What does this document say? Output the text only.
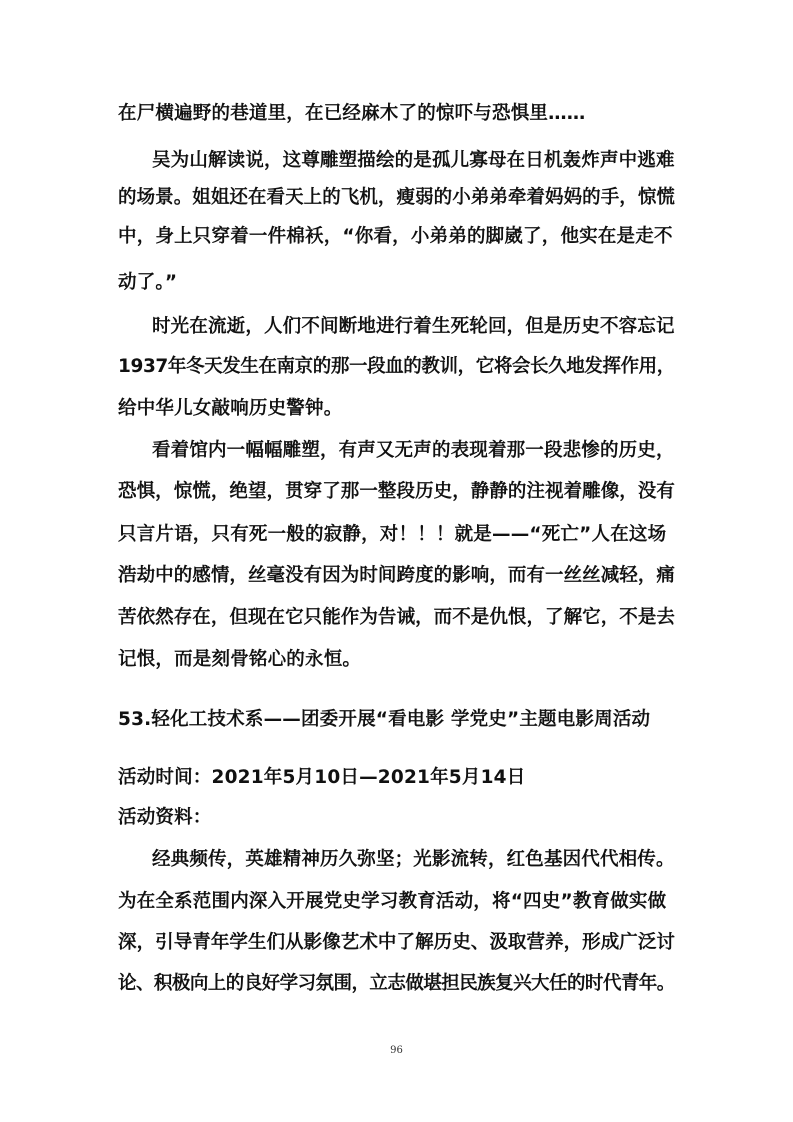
在尸横遍野的巷道里，在已经麻木了的惊吓与恐惧里……
吴为山解读说，这尊雕塑描绘的是孤儿寡母在日机轰炸声中逃难
的场景。姐姐还在看天上的飞机，瘦弱的小弟弟牵着妈妈的手，惊慌
中，身上只穿着一件棉袄，“你看，小弟弟的脚崴了，他实在是走不
动了。”
时光在流逝，人们不间断地进行着生死轮回，但是历史不容忘记
1937年冬天发生在南京的那一段血的教训，它将会长久地发挥作用，
给中华儿女敲响历史警钟。
看着馆内一幅幅雕塑，有声又无声的表现着那一段悲惨的历史，
恐惧，惊慌，绝望，贯穿了那一整段历史，静静的注视着雕像，没有
只言片语，只有死一般的寂静，对！！！就是——“死亡”人在这场
浩劫中的感情，丝毫没有因为时间跨度的影响，而有一丝丝减轻，痛
苦依然存在，但现在它只能作为告诫，而不是仇恨，了解它，不是去
记恨，而是刻骨铭心的永恒。
53.轻化工技术系——团委开展“看电影 学党史”主题电影周活动
活动时间：2021年5月10日—2021年5月14日
活动资料：
经典频传，英雄精神历久弥坚；光影流转，红色基因代代相传。
为在全系范围内深入开展党史学习教育活动，将“四史”教育做实做
深，引导青年学生们从影像艺术中了解历史、汲取营养，形成广泛讨
论、积极向上的良好学习氛围，立志做堪担民族复兴大任的时代青年。
96
